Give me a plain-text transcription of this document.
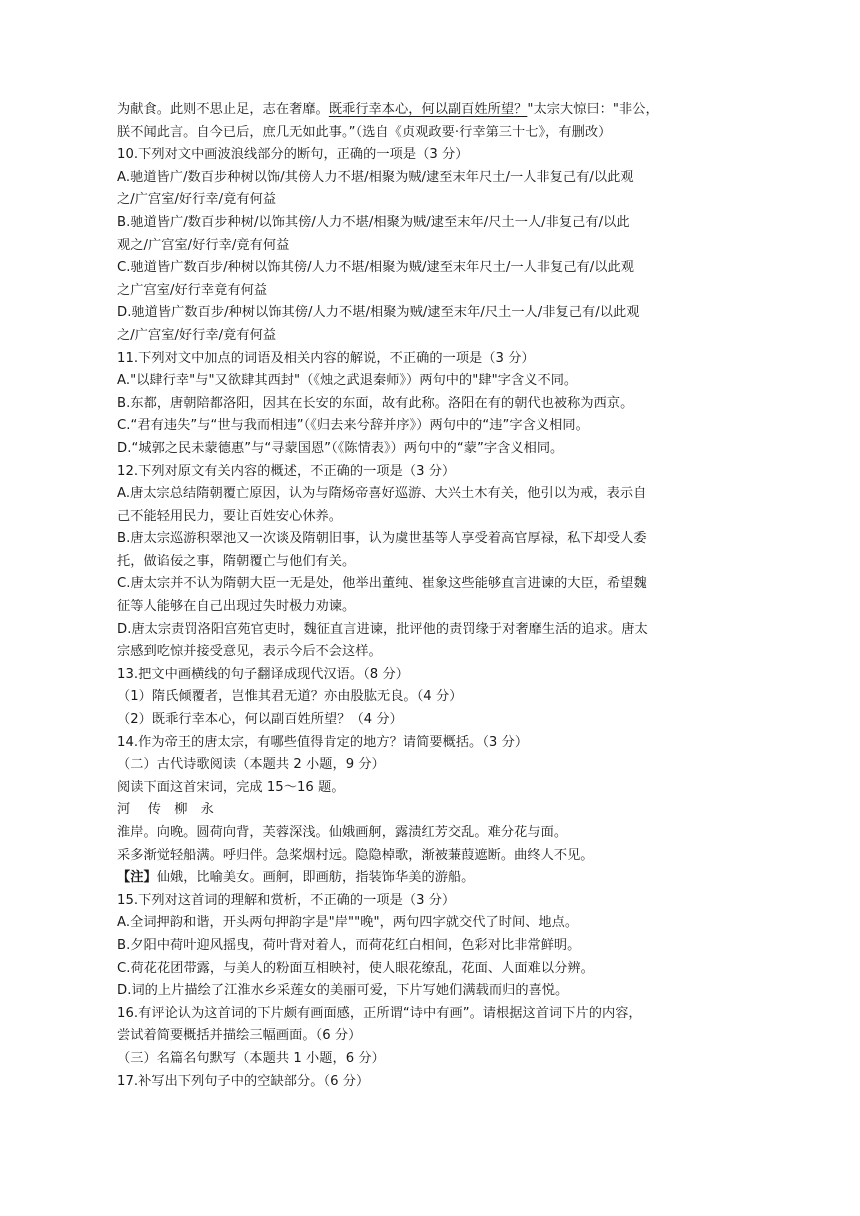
为献食。此则不思止足，志在奢靡。既乖行幸本心，何以副百姓所望？"太宗大惊曰："非公，
朕不闻此言。自今已后，庶几无如此事。”（选自《贞观政要·行幸第三十七》，有删改）
10.下列对文中画波浪线部分的断句，正确的一项是（3 分）
A.驰道皆广/数百步种树以饰/其傍人力不堪/相聚为贼/逮至末年尺土/一人非复己有/以此观
之/广宫室/好行幸/竟有何益
B.驰道皆广/数百步种树/以饰其傍/人力不堪/相聚为贼/逮至末年/尺土一人/非复己有/以此
观之/广宫室/好行幸/竟有何益
C.驰道皆广数百步/种树以饰其傍/人力不堪/相聚为贼/逮至末年尺土/一人非复己有/以此观
之广宫室/好行幸竟有何益
D.驰道皆广数百步/种树以饰其傍/人力不堪/相聚为贼/逮至末年/尺土一人/非复己有/以此观
之/广宫室/好行幸/竟有何益
11.下列对文中加点的词语及相关内容的解说，不正确的一项是（3 分）
A."以肆行幸"与"又欲肆其西封"（《烛之武退秦师》）两句中的"肆"字含义不同。
B.东都，唐朝陪都洛阳，因其在长安的东面，故有此称。洛阳在有的朝代也被称为西京。
C.“君有违失”与“世与我而相违”（《归去来兮辞并序》）两句中的“违”字含义相同。
D.“城郭之民未蒙德惠”与“寻蒙国恩”（《陈情表》）两句中的“蒙”字含义相同。
12.下列对原文有关内容的概述，不正确的一项是（3 分）
A.唐太宗总结隋朝覆亡原因，认为与隋炀帝喜好巡游、大兴土木有关，他引以为戒，表示自
己不能轻用民力，要让百姓安心休养。
B.唐太宗巡游积翠池又一次谈及隋朝旧事，认为虞世基等人享受着高官厚禄，私下却受人委
托，做谄佞之事，隋朝覆亡与他们有关。
C.唐太宗并不认为隋朝大臣一无是处，他举出董纯、崔象这些能够直言进谏的大臣，希望魏
征等人能够在自己出现过失时极力劝谏。
D.唐太宗责罚洛阳宫苑官吏时，魏征直言进谏，批评他的责罚缘于对奢靡生活的追求。唐太
宗感到吃惊并接受意见，表示今后不会这样。
13.把文中画横线的句子翻译成现代汉语。（8 分）
（1）隋氏倾覆者，岂惟其君无道？亦由股肱无良。（4 分）
（2）既乖行幸本心，何以副百姓所望？（4 分）
14.作为帝王的唐太宗，有哪些值得肯定的地方？请简要概括。（3 分）
（二）古代诗歌阅读（本题共 2 小题，9 分）
阅读下面这首宋词，完成 15～16 题。
河　 传　柳　永
淮岸。向晚。圆荷向背，芙蓉深浅。仙娥画舸，露渍红芳交乱。难分花与面。
采多渐觉轻船满。呼归伴。急桨烟村远。隐隐棹歌，渐被蒹葭遮断。曲终人不见。
【注】仙娥，比喻美女。画舸，即画舫，指装饰华美的游船。
15.下列对这首词的理解和赏析，不正确的一项是（3 分）
A.全词押韵和谐，开头两句押韵字是"岸""晚"，两句四字就交代了时间、地点。
B.夕阳中荷叶迎风摇曳，荷叶背对着人，而荷花红白相间，色彩对比非常鲜明。
C.荷花花团带露，与美人的粉面互相映衬，使人眼花缭乱，花面、人面难以分辨。
D.词的上片描绘了江淮水乡采莲女的美丽可爱，下片写她们满载而归的喜悦。
16.有评论认为这首词的下片颇有画面感，正所谓“诗中有画”。请根据这首词下片的内容，
尝试着简要概括并描绘三幅画面。（6 分）
（三）名篇名句默写（本题共 1 小题，6 分）
17.补写出下列句子中的空缺部分。（6 分）
